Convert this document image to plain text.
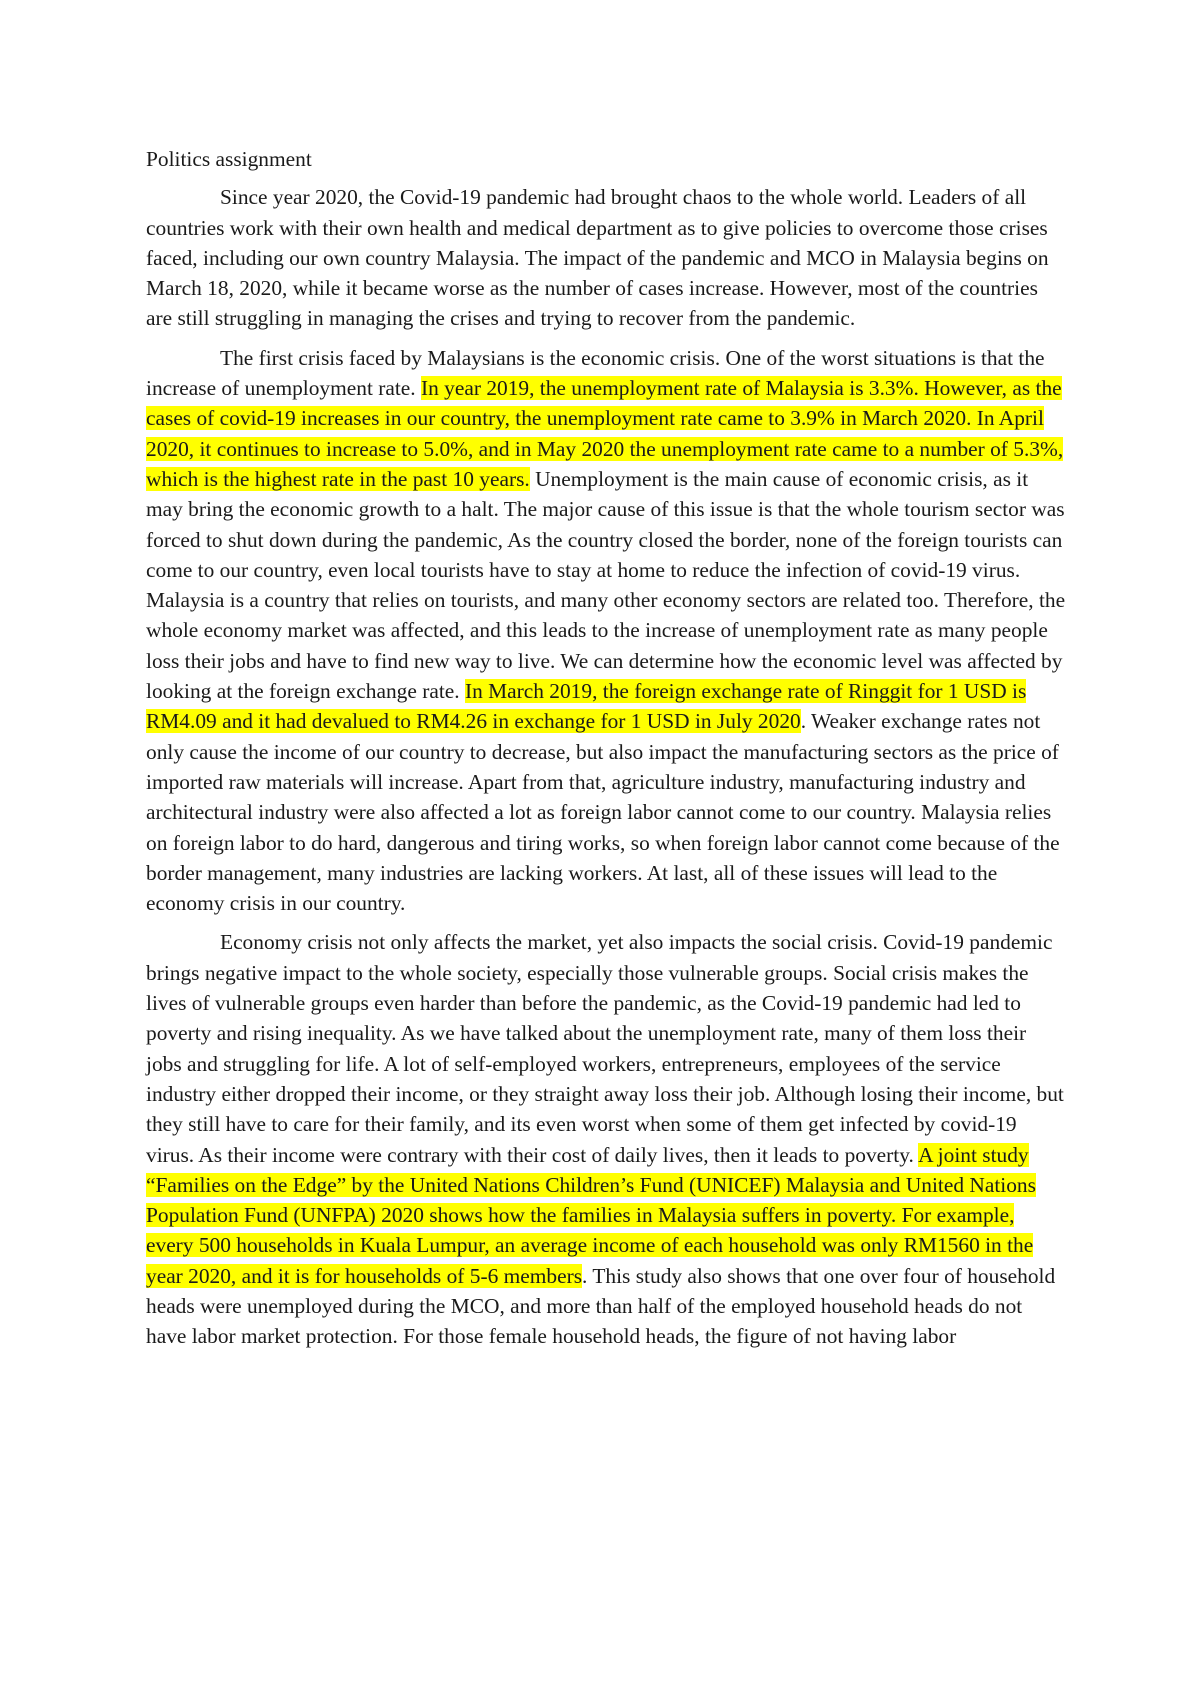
Politics assignment

Since year 2020, the Covid-19 pandemic had brought chaos to the whole world. Leaders of all countries work with their own health and medical department as to give policies to overcome those crises faced, including our own country Malaysia. The impact of the pandemic and MCO in Malaysia begins on March 18, 2020, while it became worse as the number of cases increase. However, most of the countries are still struggling in managing the crises and trying to recover from the pandemic.

The first crisis faced by Malaysians is the economic crisis. One of the worst situations is that the increase of unemployment rate. In year 2019, the unemployment rate of Malaysia is 3.3%. However, as the cases of covid-19 increases in our country, the unemployment rate came to 3.9% in March 2020. In April 2020, it continues to increase to 5.0%, and in May 2020 the unemployment rate came to a number of 5.3%, which is the highest rate in the past 10 years. Unemployment is the main cause of economic crisis, as it may bring the economic growth to a halt. The major cause of this issue is that the whole tourism sector was forced to shut down during the pandemic, As the country closed the border, none of the foreign tourists can come to our country, even local tourists have to stay at home to reduce the infection of covid-19 virus. Malaysia is a country that relies on tourists, and many other economy sectors are related too. Therefore, the whole economy market was affected, and this leads to the increase of unemployment rate as many people loss their jobs and have to find new way to live. We can determine how the economic level was affected by looking at the foreign exchange rate. In March 2019, the foreign exchange rate of Ringgit for 1 USD is RM4.09 and it had devalued to RM4.26 in exchange for 1 USD in July 2020. Weaker exchange rates not only cause the income of our country to decrease, but also impact the manufacturing sectors as the price of imported raw materials will increase. Apart from that, agriculture industry, manufacturing industry and architectural industry were also affected a lot as foreign labor cannot come to our country. Malaysia relies on foreign labor to do hard, dangerous and tiring works, so when foreign labor cannot come because of the border management, many industries are lacking workers. At last, all of these issues will lead to the economy crisis in our country.

Economy crisis not only affects the market, yet also impacts the social crisis. Covid-19 pandemic brings negative impact to the whole society, especially those vulnerable groups. Social crisis makes the lives of vulnerable groups even harder than before the pandemic, as the Covid-19 pandemic had led to poverty and rising inequality. As we have talked about the unemployment rate, many of them loss their jobs and struggling for life. A lot of self-employed workers, entrepreneurs, employees of the service industry either dropped their income, or they straight away loss their job. Although losing their income, but they still have to care for their family, and its even worst when some of them get infected by covid-19 virus. As their income were contrary with their cost of daily lives, then it leads to poverty. A joint study “Families on the Edge” by the United Nations Children’s Fund (UNICEF) Malaysia and United Nations Population Fund (UNFPA) 2020 shows how the families in Malaysia suffers in poverty. For example, every 500 households in Kuala Lumpur, an average income of each household was only RM1560 in the year 2020, and it is for households of 5-6 members. This study also shows that one over four of household heads were unemployed during the MCO, and more than half of the employed household heads do not have labor market protection. For those female household heads, the figure of not having labor
